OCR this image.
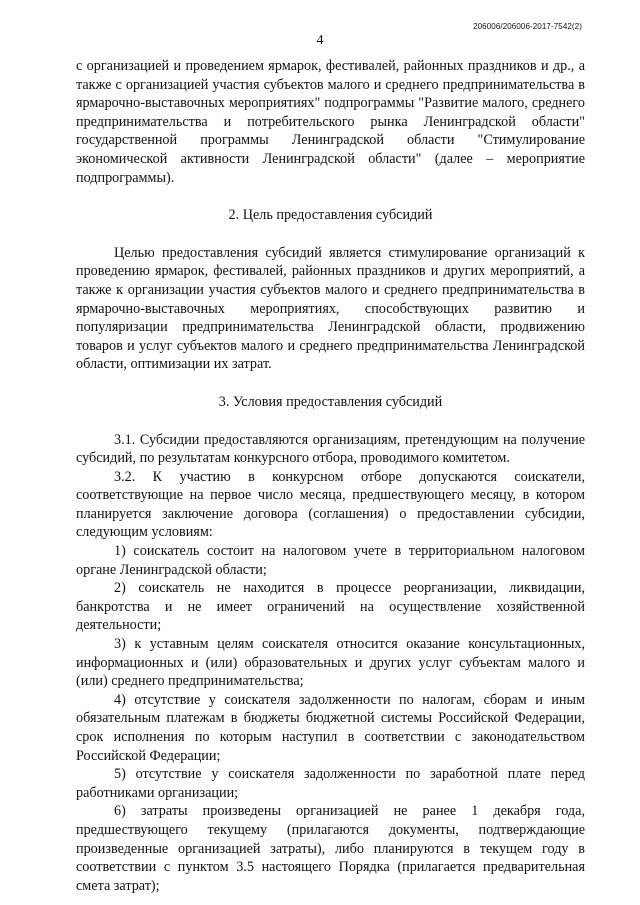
206006/206006-2017-7542(2)
4

с организацией и проведением ярмарок, фестивалей, районных праздников и др., а также с организацией участия субъектов малого и среднего предпринимательства в ярмарочно-выставочных мероприятиях" подпрограммы "Развитие малого, среднего предпринимательства и потребительского рынка Ленинградской области" государственной программы Ленинградской области "Стимулирование экономической активности Ленинградской области" (далее – мероприятие подпрограммы).

2. Цель предоставления субсидий

Целью предоставления субсидий является стимулирование организаций к проведению ярмарок, фестивалей, районных праздников и других мероприятий, а также к организации участия субъектов малого и среднего предпринимательства в ярмарочно-выставочных мероприятиях, способствующих развитию и популяризации предпринимательства Ленинградской области, продвижению товаров и услуг субъектов малого и среднего предпринимательства Ленинградской области, оптимизации их затрат.

3. Условия предоставления субсидий

3.1. Субсидии предоставляются организациям, претендующим на получение субсидий, по результатам конкурсного отбора, проводимого комитетом.

3.2. К участию в конкурсном отборе допускаются соискатели, соответствующие на первое число месяца, предшествующего месяцу, в котором планируется заключение договора (соглашения) о предоставлении субсидии, следующим условиям:

1) соискатель состоит на налоговом учете в территориальном налоговом органе Ленинградской области;

2) соискатель не находится в процессе реорганизации, ликвидации, банкротства и не имеет ограничений на осуществление хозяйственной деятельности;

3) к уставным целям соискателя относится оказание консультационных, информационных и (или) образовательных и других услуг субъектам малого и (или) среднего предпринимательства;

4) отсутствие у соискателя задолженности по налогам, сборам и иным обязательным платежам в бюджеты бюджетной системы Российской Федерации, срок исполнения по которым наступил в соответствии с законодательством Российской Федерации;

5) отсутствие у соискателя задолженности по заработной плате перед работниками организации;

6) затраты произведены организацией не ранее 1 декабря года, предшествующего текущему (прилагаются документы, подтверждающие произведенные организацией затраты), либо планируются в текущем году в соответствии с пунктом 3.5 настоящего Порядка (прилагается предварительная смета затрат);
